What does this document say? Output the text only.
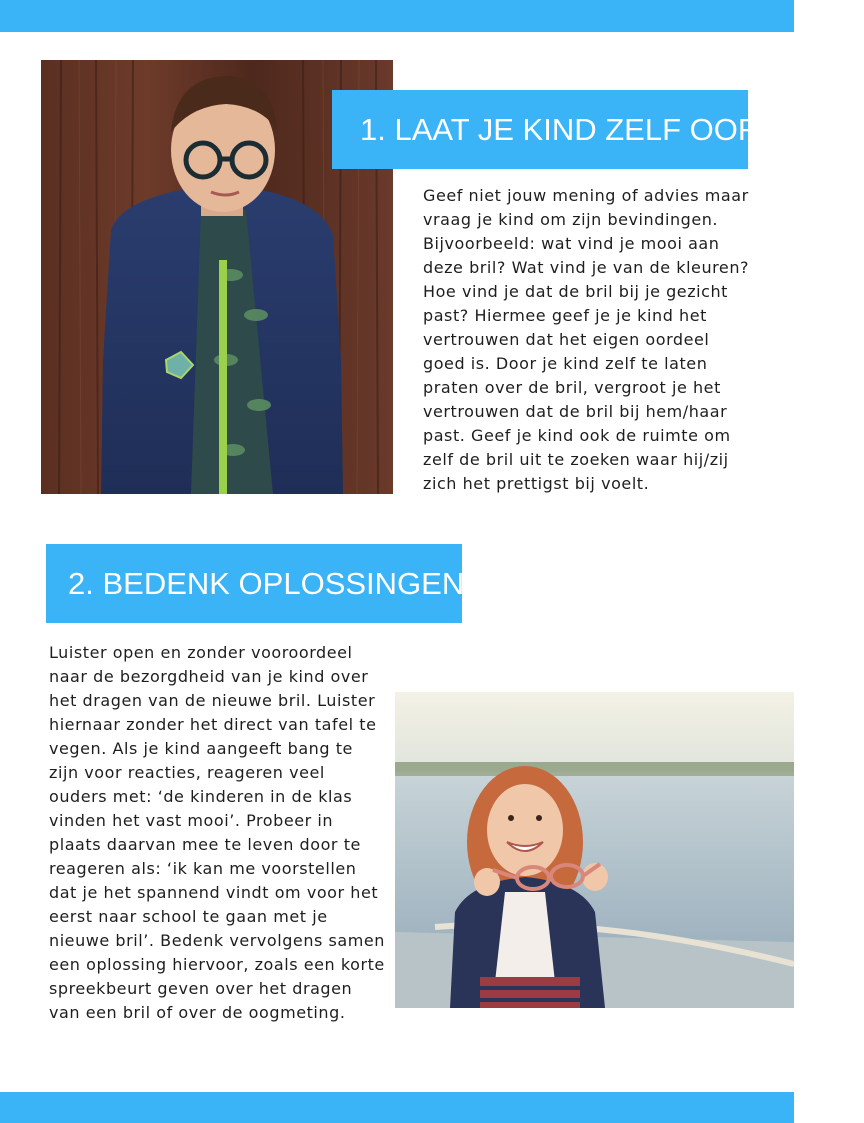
1. LAAT JE KIND ZELF OORDELEN

Geef niet jouw mening of advies maar vraag je kind om zijn bevindingen. Bijvoorbeeld: wat vind je mooi aan deze bril? Wat vind je van de kleuren? Hoe vind je dat de bril bij je gezicht past? Hiermee geef je je kind het vertrouwen dat het eigen oordeel goed is. Door je kind zelf te laten praten over de bril, vergroot je het vertrouwen dat de bril bij hem/haar past. Geef je kind ook de ruimte om zelf de bril uit te zoeken waar hij/zij zich het prettigst bij voelt.

2. BEDENK OPLOSSINGEN SAMEN

Luister open en zonder vooroordeel naar de bezorgdheid van je kind over het dragen van de nieuwe bril. Luister hiernaar zonder het direct van tafel te vegen. Als je kind aangeeft bang te zijn voor reacties, reageren veel ouders met: ‘de kinderen in de klas vinden het vast mooi’. Probeer in plaats daarvan mee te leven door te reageren als: ‘ik kan me voorstellen dat je het spannend vindt om voor het eerst naar school te gaan met je nieuwe bril’. Bedenk vervolgens samen een oplossing hiervoor, zoals een korte spreekbeurt geven over het dragen van een bril of over de oogmeting.
